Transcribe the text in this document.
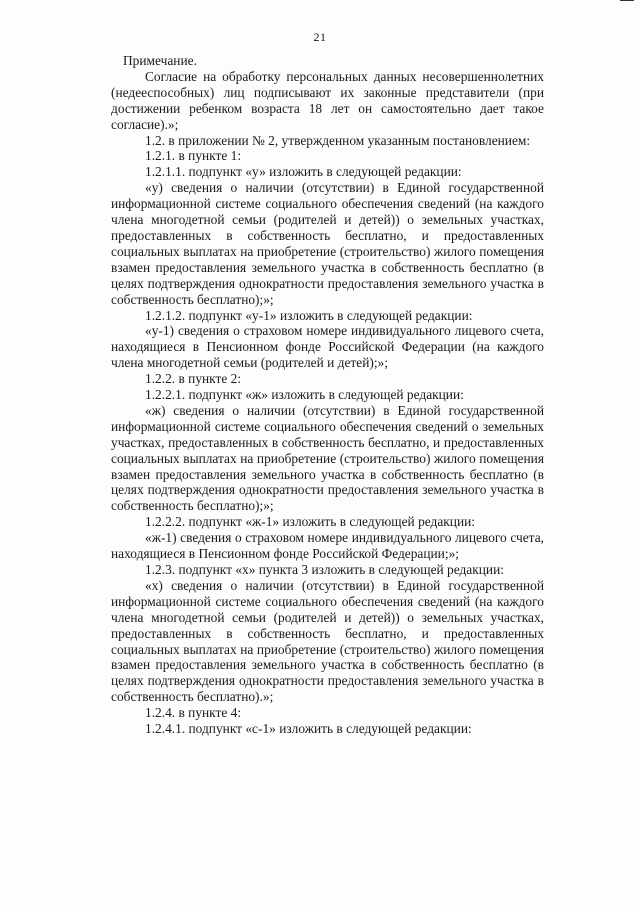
21

Примечание.

Согласие на обработку персональных данных несовершеннолетних (недееспособных) лиц подписывают их законные представители (при достижении ребенком возраста 18 лет он самостоятельно дает такое согласие).»;

1.2. в приложении № 2, утвержденном указанным постановлением:

1.2.1. в пункте 1:

1.2.1.1. подпункт «у» изложить в следующей редакции:

«у) сведения о наличии (отсутствии) в Единой государственной информационной системе социального обеспечения сведений (на каждого члена многодетной семьи (родителей и детей)) о земельных участках, предоставленных в собственность бесплатно, и предоставленных социальных выплатах на приобретение (строительство) жилого помещения взамен предоставления земельного участка в собственность бесплатно (в целях подтверждения однократности предоставления земельного участка в собственность бесплатно);»;

1.2.1.2. подпункт «у-1» изложить в следующей редакции:

«у-1) сведения о страховом номере индивидуального лицевого счета, находящиеся в Пенсионном фонде Российской Федерации (на каждого члена многодетной семьи (родителей и детей);»;

1.2.2. в пункте 2:

1.2.2.1. подпункт «ж» изложить в следующей редакции:

«ж) сведения о наличии (отсутствии) в Единой государственной информационной системе социального обеспечения сведений о земельных участках, предоставленных в собственность бесплатно, и предоставленных социальных выплатах на приобретение (строительство) жилого помещения взамен предоставления земельного участка в собственность бесплатно (в целях подтверждения однократности предоставления земельного участка в собственность бесплатно);»;

1.2.2.2. подпункт «ж-1» изложить в следующей редакции:

«ж-1) сведения о страховом номере индивидуального лицевого счета, находящиеся в Пенсионном фонде Российской Федерации;»;

1.2.3. подпункт «х» пункта 3 изложить в следующей редакции:

«х) сведения о наличии (отсутствии) в Единой государственной информационной системе социального обеспечения сведений (на каждого члена многодетной семьи (родителей и детей)) о земельных участках, предоставленных в собственность бесплатно, и предоставленных социальных выплатах на приобретение (строительство) жилого помещения взамен предоставления земельного участка в собственность бесплатно (в целях подтверждения однократности предоставления земельного участка в собственность бесплатно).»;

1.2.4. в пункте 4:

1.2.4.1. подпункт «с-1» изложить в следующей редакции:
